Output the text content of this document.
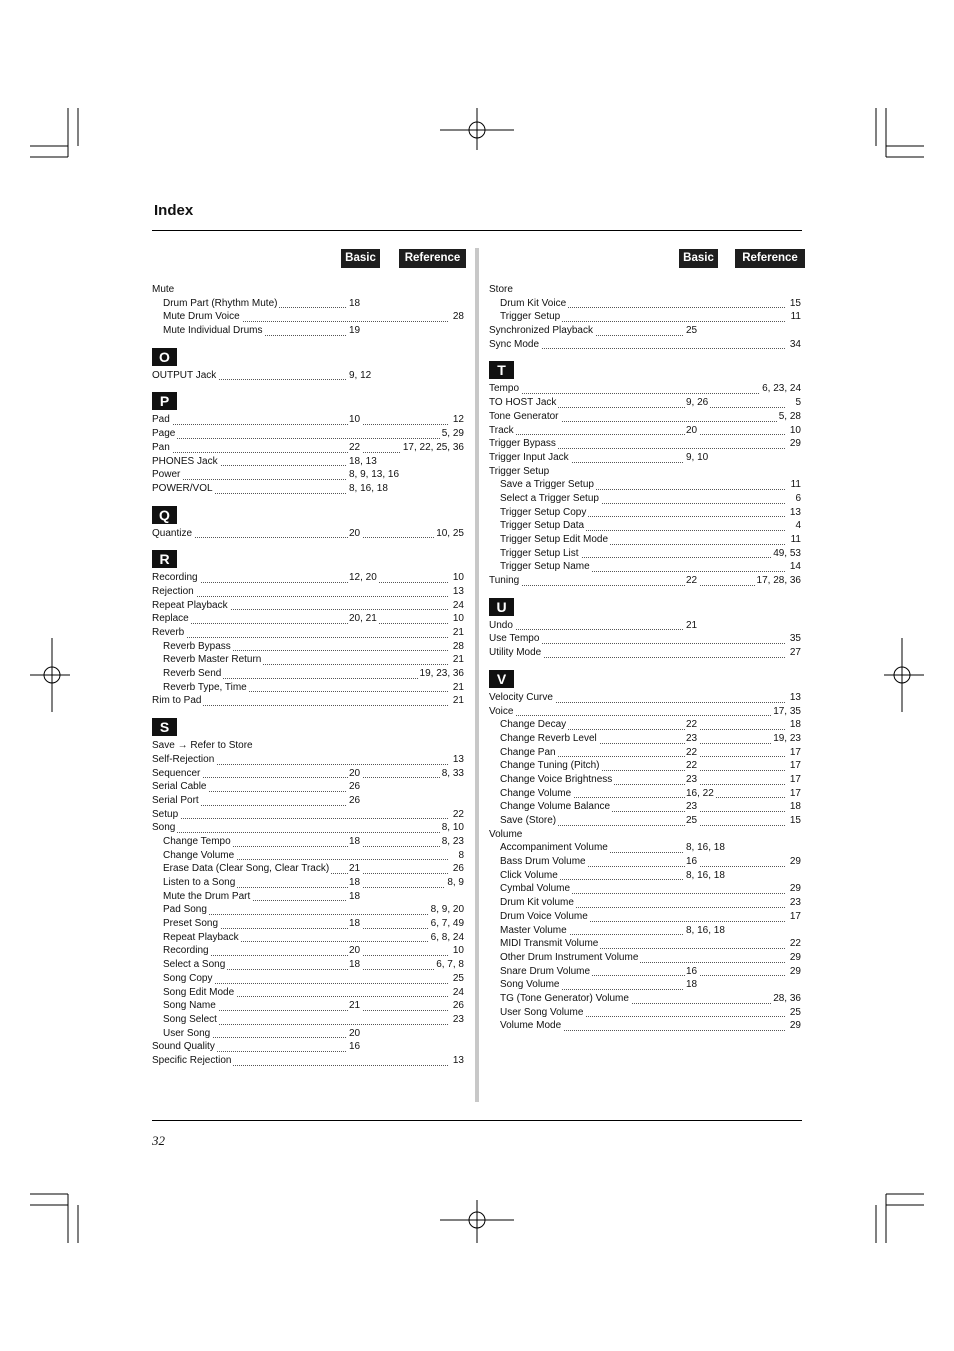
Index
Basic	Reference	Basic	Reference
Mute
Drum Part (Rhythm Mute)	18
Mute Drum Voice	28
Mute Individual Drums	19
O
OUTPUT Jack	9, 12
P
Pad	10	12
Page	5, 29
Pan	22	17, 22, 25, 36
PHONES Jack	18, 13
Power	8, 9, 13, 16
POWER/VOL	8, 16, 18
Q
Quantize	20	10, 25
R
Recording	12, 20	10
Rejection	13
Repeat Playback	24
Replace	20, 21	10
Reverb	21
Reverb Bypass	28
Reverb Master Return	21
Reverb Send	19, 23, 36
Reverb Type, Time	21
Rim to Pad	21
S
Save → Refer to Store
Self-Rejection	13
Sequencer	20	8, 33
Serial Cable	26
Serial Port	26
Setup	22
Song	8, 10
Change Tempo	18	8, 23
Change Volume	8
Erase Data (Clear Song, Clear Track) 21	26
Listen to a Song	18	8, 9
Mute the Drum Part	18
Pad Song	8, 9, 20
Preset Song	18	6, 7, 49
Repeat Playback	6, 8, 24
Recording	20	10
Select a Song	18	6, 7, 8
Song Copy	25
Song Edit Mode	24
Song Name	21	26
Song Select	23
User Song	20
Sound Quality	16
Specific Rejection	13
Store
Drum Kit Voice	15
Trigger Setup	11
Synchronized Playback	25
Sync Mode	34
T
Tempo	6, 23, 24
TO HOST Jack	9, 26	5
Tone Generator	5, 28
Track	20	10
Trigger Bypass	29
Trigger Input Jack	9, 10
Trigger Setup
Save a Trigger Setup	11
Select a Trigger Setup	6
Trigger Setup Copy	13
Trigger Setup Data	4
Trigger Setup Edit Mode	11
Trigger Setup List	49, 53
Trigger Setup Name	14
Tuning	22	17, 28, 36
U
Undo	21
Use Tempo	35
Utility Mode	27
V
Velocity Curve	13
Voice	17, 35
Change Decay	22	18
Change Reverb Level	23	19, 23
Change Pan	22	17
Change Tuning (Pitch)	22	17
Change Voice Brightness	23	17
Change Volume	16, 22	17
Change Volume Balance	23	18
Save (Store)	25	15
Volume
Accompaniment Volume	8, 16, 18
Bass Drum Volume	16	29
Click Volume	8, 16, 18
Cymbal Volume	29
Drum Kit volume	23
Drum Voice Volume	17
Master Volume	8, 16, 18
MIDI Transmit Volume	22
Other Drum Instrument Volume	29
Snare Drum Volume	16	29
Song Volume	18
TG (Tone Generator) Volume	28, 36
User Song Volume	25
Volume Mode	29
32
